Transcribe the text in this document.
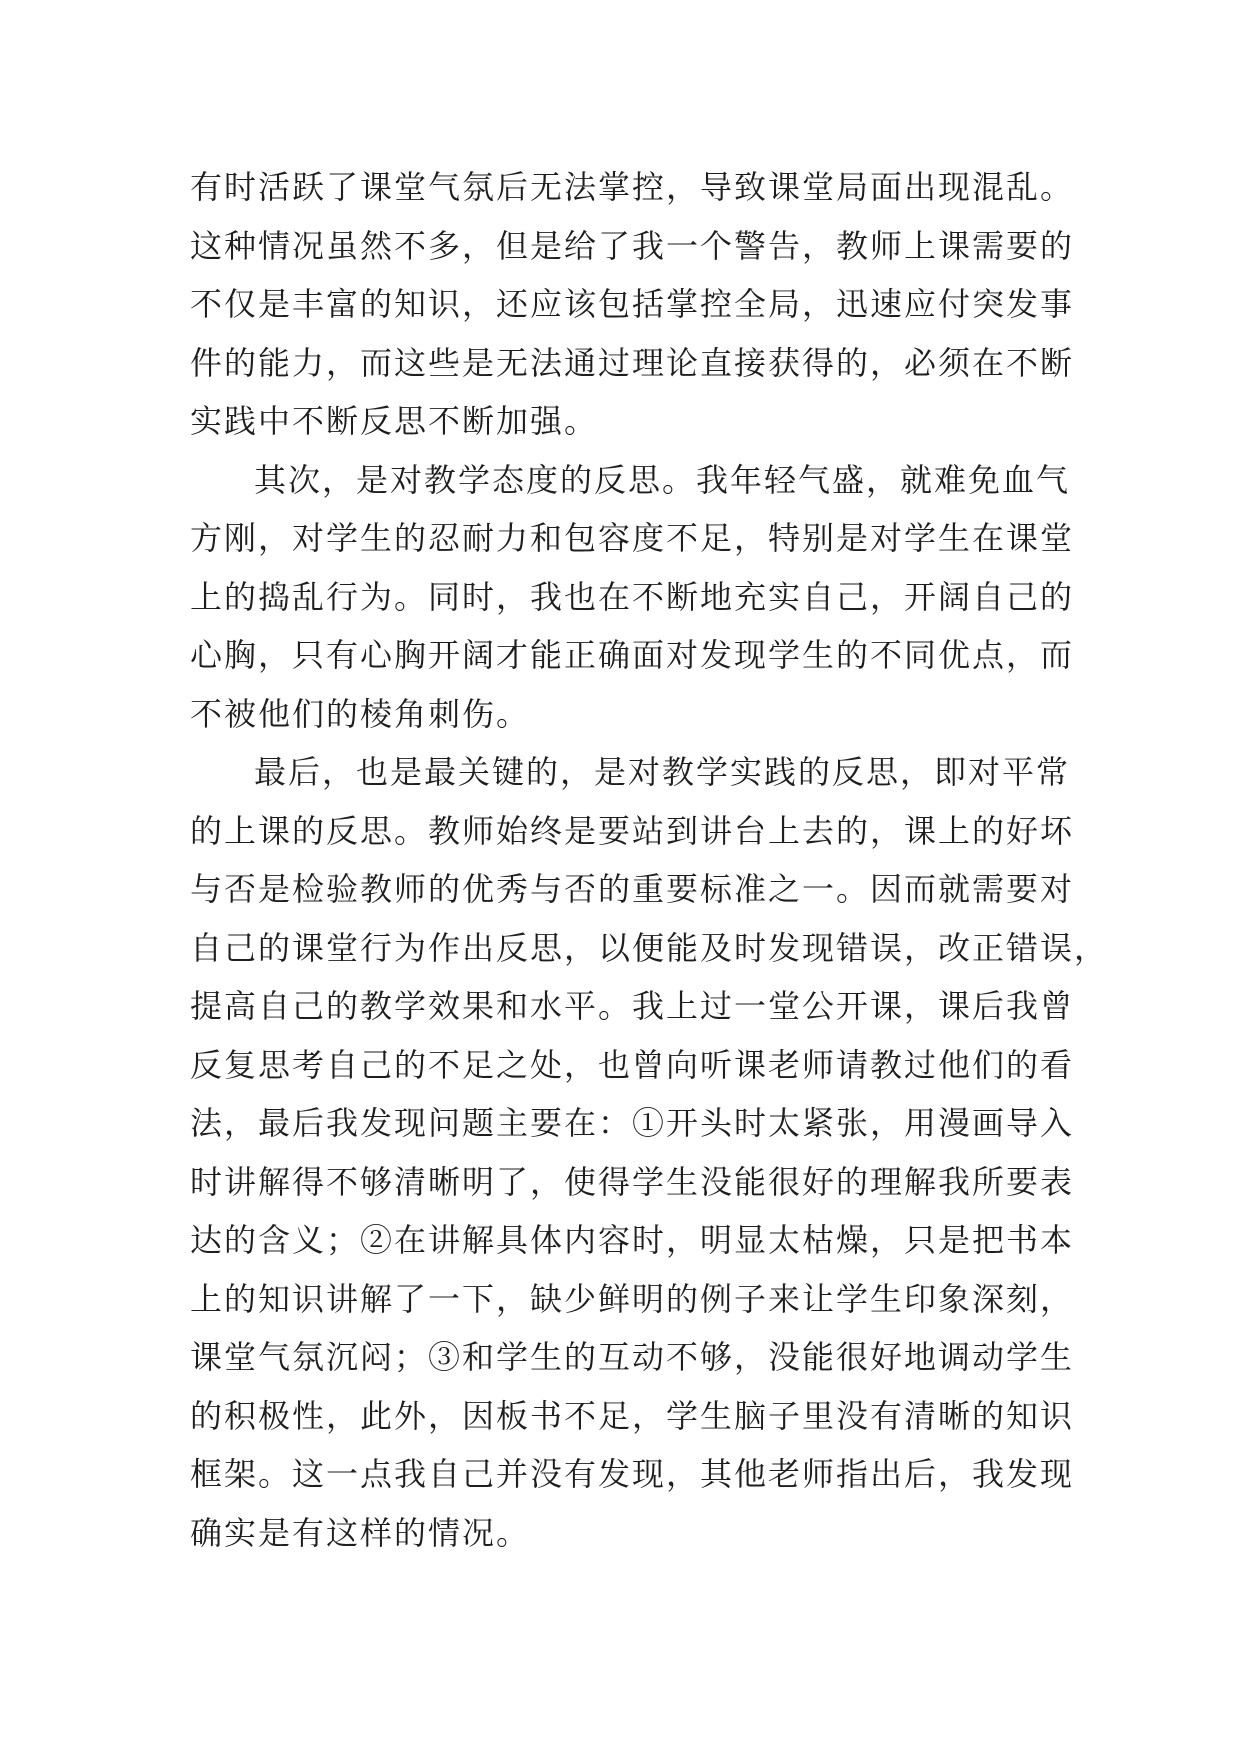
有时活跃了课堂气氛后无法掌控，导致课堂局面出现混乱。
这种情况虽然不多，但是给了我一个警告，教师上课需要的
不仅是丰富的知识，还应该包括掌控全局，迅速应付突发事
件的能力，而这些是无法通过理论直接获得的，必须在不断
实践中不断反思不断加强。
其次，是对教学态度的反思。我年轻气盛，就难免血气
方刚，对学生的忍耐力和包容度不足，特别是对学生在课堂
上的捣乱行为。同时，我也在不断地充实自己，开阔自己的
心胸，只有心胸开阔才能正确面对发现学生的不同优点，而
不被他们的棱角刺伤。
最后，也是最关键的，是对教学实践的反思，即对平常
的上课的反思。教师始终是要站到讲台上去的，课上的好坏
与否是检验教师的优秀与否的重要标准之一。因而就需要对
自己的课堂行为作出反思，以便能及时发现错误，改正错误，
提高自己的教学效果和水平。我上过一堂公开课，课后我曾
反复思考自己的不足之处，也曾向听课老师请教过他们的看
法，最后我发现问题主要在：①开头时太紧张，用漫画导入
时讲解得不够清晰明了，使得学生没能很好的理解我所要表
达的含义；②在讲解具体内容时，明显太枯燥，只是把书本
上的知识讲解了一下，缺少鲜明的例子来让学生印象深刻，
课堂气氛沉闷；③和学生的互动不够，没能很好地调动学生
的积极性，此外，因板书不足，学生脑子里没有清晰的知识
框架。这一点我自己并没有发现，其他老师指出后，我发现
确实是有这样的情况。
